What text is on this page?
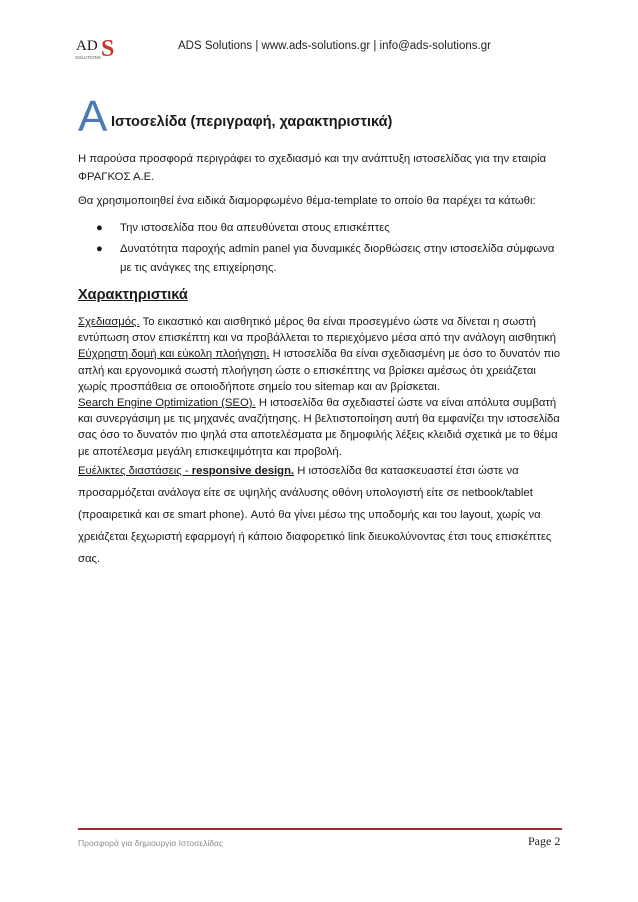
AD S
SOLUTIONS
ADS Solutions | www.ads-solutions.gr | info@ads-solutions.gr
A Ιστοσελίδα (περιγραφή, χαρακτηριστικά)
Η παρούσα προσφορά περιγράφει το σχεδιασμό και την ανάπτυξη ιστοσελίδας για την εταιρία ΦΡΑΓΚΟΣ Α.Ε.
Θα χρησιμοποιηθεί ένα ειδικά διαμορφωμένο θέμα-template το οποίο θα παρέχει τα κάτωθι:
● Την ιστοσελίδα που θα απευθύνεται στους επισκέπτες
● Δυνατότητα παροχής admin panel για δυναμικές διορθώσεις στην ιστοσελίδα σύμφωνα με τις ανάγκες της επιχείρησης.
Χαρακτηριστικά

Σχεδιασμός. Το εικαστικό και αισθητικό μέρος θα είναι προσεγμένο ώστε να δίνεται η σωστή εντύπωση στον επισκέπτη και να προβάλλεται το περιεχόμενο μέσα από την ανάλογη αισθητική

Εύχρηστη δομή και εύκολη πλοήγηση. Η ιστοσελίδα θα είναι σχεδιασμένη με όσο το δυνατόν πιο απλή και εργονομικά σωστή πλοήγηση ώστε ο επισκέπτης να βρίσκει αμέσως ότι χρειάζεται χωρίς προσπάθεια σε οποιοδήποτε σημείο του sitemap και αν βρίσκεται.

Search Engine Optimization (SEO). Η ιστοσελίδα θα σχεδιαστεί ώστε να είναι απόλυτα συμβατή και συνεργάσιμη με τις μηχανές αναζήτησης. Η βελτιστοποίηση αυτή θα εμφανίζει την ιστοσελίδα σας όσο το δυνατόν πιο ψηλά στα αποτελέσματα με δημοφιλής λέξεις κλειδιά σχετικά με το θέμα με αποτέλεσμα μεγάλη επισκεψιμότητα και προβολή.

Ευέλικτες διαστάσεις - responsive design. Η ιστοσελίδα θα κατασκευαστεί έτσι ώστε να προσαρμόζεται ανάλογα είτε σε υψηλής ανάλυσης οθόνη υπολογιστή είτε σε netbook/tablet (προαιρετικά και σε smart phone). Αυτό θα γίνει μέσω της υποδομής και του layout, χωρίς να χρειάζεται ξεχωριστή εφαρμογή ή κάποιο διαφορετικό link διευκολύνοντας έτσι τους επισκέπτες σας.

Προσφορά για δημιουργία Ιστοσελίδας	Page 2
